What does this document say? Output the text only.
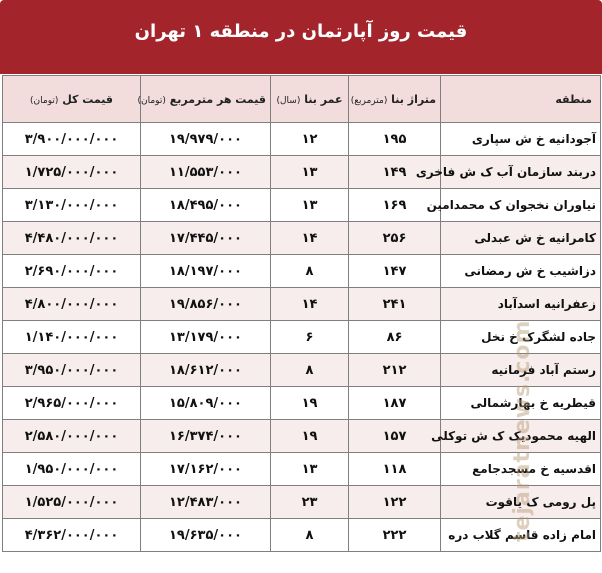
قیمت روز آپارتمان در منطقه ۱ تهران
منطقه	متراژ بنا (مترمربع)	عمر بنا (سال)	قیمت هر مترمربع (تومان)	قیمت کل (تومان)
آجودانیه خ ش سپاری	۱۹۵	۱۲	۱۹/۹۷۹/۰۰۰	۳/۹۰۰/۰۰۰/۰۰۰
دربند سازمان آب ک ش فاخری	۱۴۹	۱۳	۱۱/۵۵۳/۰۰۰	۱/۷۲۵/۰۰۰/۰۰۰
نیاوران نخجوان ک محمدامین	۱۶۹	۱۳	۱۸/۴۹۵/۰۰۰	۳/۱۳۰/۰۰۰/۰۰۰
کامرانیه خ ش عبدلی	۲۵۶	۱۴	۱۷/۴۴۵/۰۰۰	۴/۴۸۰/۰۰۰/۰۰۰
دزاشیب خ ش رمضانی	۱۴۷	۸	۱۸/۱۹۷/۰۰۰	۲/۶۹۰/۰۰۰/۰۰۰
زعفرانیه اسدآباد	۲۴۱	۱۴	۱۹/۸۵۶/۰۰۰	۴/۸۰۰/۰۰۰/۰۰۰
جاده لشگرک خ نخل	۸۶	۶	۱۳/۱۷۹/۰۰۰	۱/۱۴۰/۰۰۰/۰۰۰
رستم آباد فرمانیه	۲۱۲	۸	۱۸/۶۱۲/۰۰۰	۳/۹۵۰/۰۰۰/۰۰۰
قیطریه خ بهارشمالی	۱۸۷	۱۹	۱۵/۸۰۹/۰۰۰	۲/۹۶۵/۰۰۰/۰۰۰
الهیه محمودیک ک ش توکلی	۱۵۷	۱۹	۱۶/۳۷۴/۰۰۰	۲/۵۸۰/۰۰۰/۰۰۰
اقدسیه خ مسجدجامع	۱۱۸	۱۳	۱۷/۱۶۲/۰۰۰	۱/۹۵۰/۰۰۰/۰۰۰
پل رومی ک یاقوت	۱۲۲	۲۳	۱۲/۴۸۳/۰۰۰	۱/۵۲۵/۰۰۰/۰۰۰
امام زاده قاسم گلاب دره	۲۲۲	۸	۱۹/۶۳۵/۰۰۰	۴/۳۶۲/۰۰۰/۰۰۰	tejaratnews.com
